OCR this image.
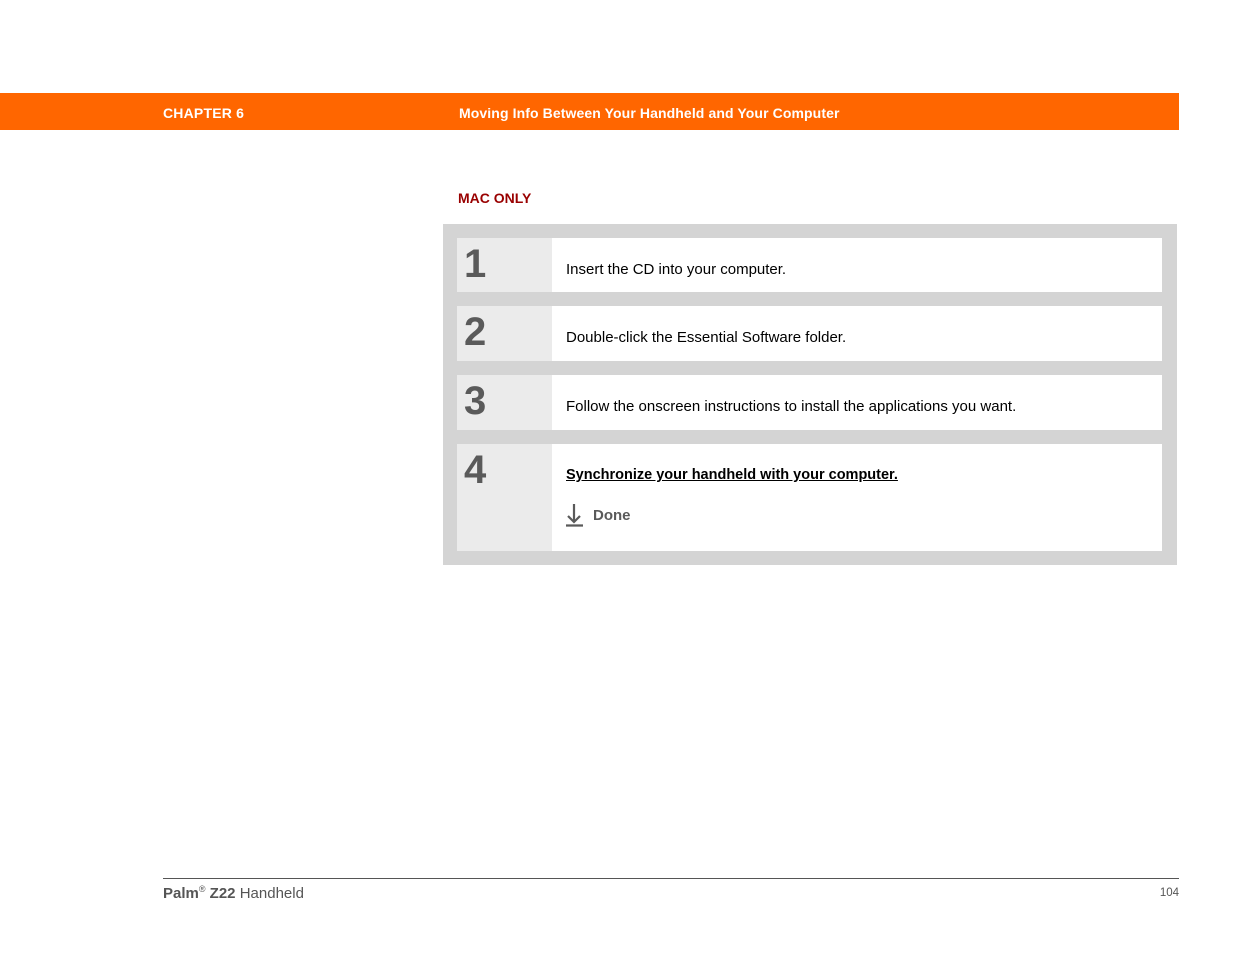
CHAPTER 6	Moving Info Between Your Handheld and Your Computer
MAC ONLY
1	Insert the CD into your computer.
2	Double-click the Essential Software folder.
3	Follow the onscreen instructions to install the applications you want.
4	Synchronize your handheld with your computer.
Done
Palm® Z22 Handheld	104
